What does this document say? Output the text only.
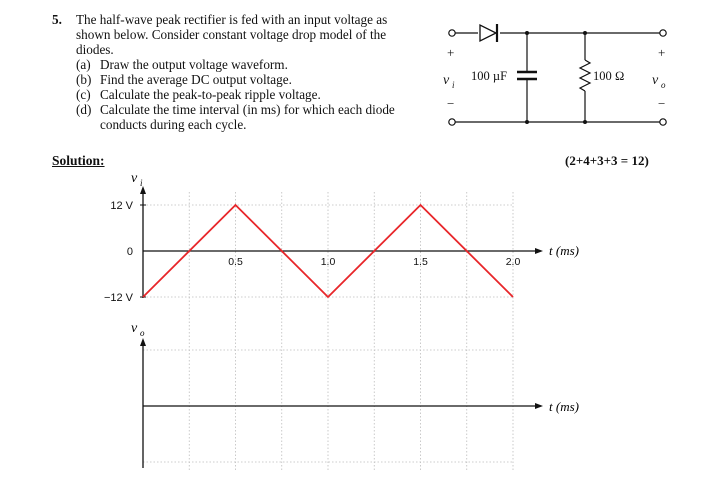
5. The half-wave peak rectifier is fed with an input voltage as
shown below. Consider constant voltage drop model of the
diodes.
(a) Draw the output voltage waveform.
(b) Find the average DC output voltage.
(c) Calculate the peak-to-peak ripple voltage.
(d) Calculate the time interval (in ms) for which each diode
conducts during each cycle.
Solution:	(2+4+3+3 = 12)
+
v i
−
+
v o
−
100 µF	100 Ω
v i
t (ms)
12 V
0
−12 V
0.5	1.0	1.5	2.0
v o
t (ms)
